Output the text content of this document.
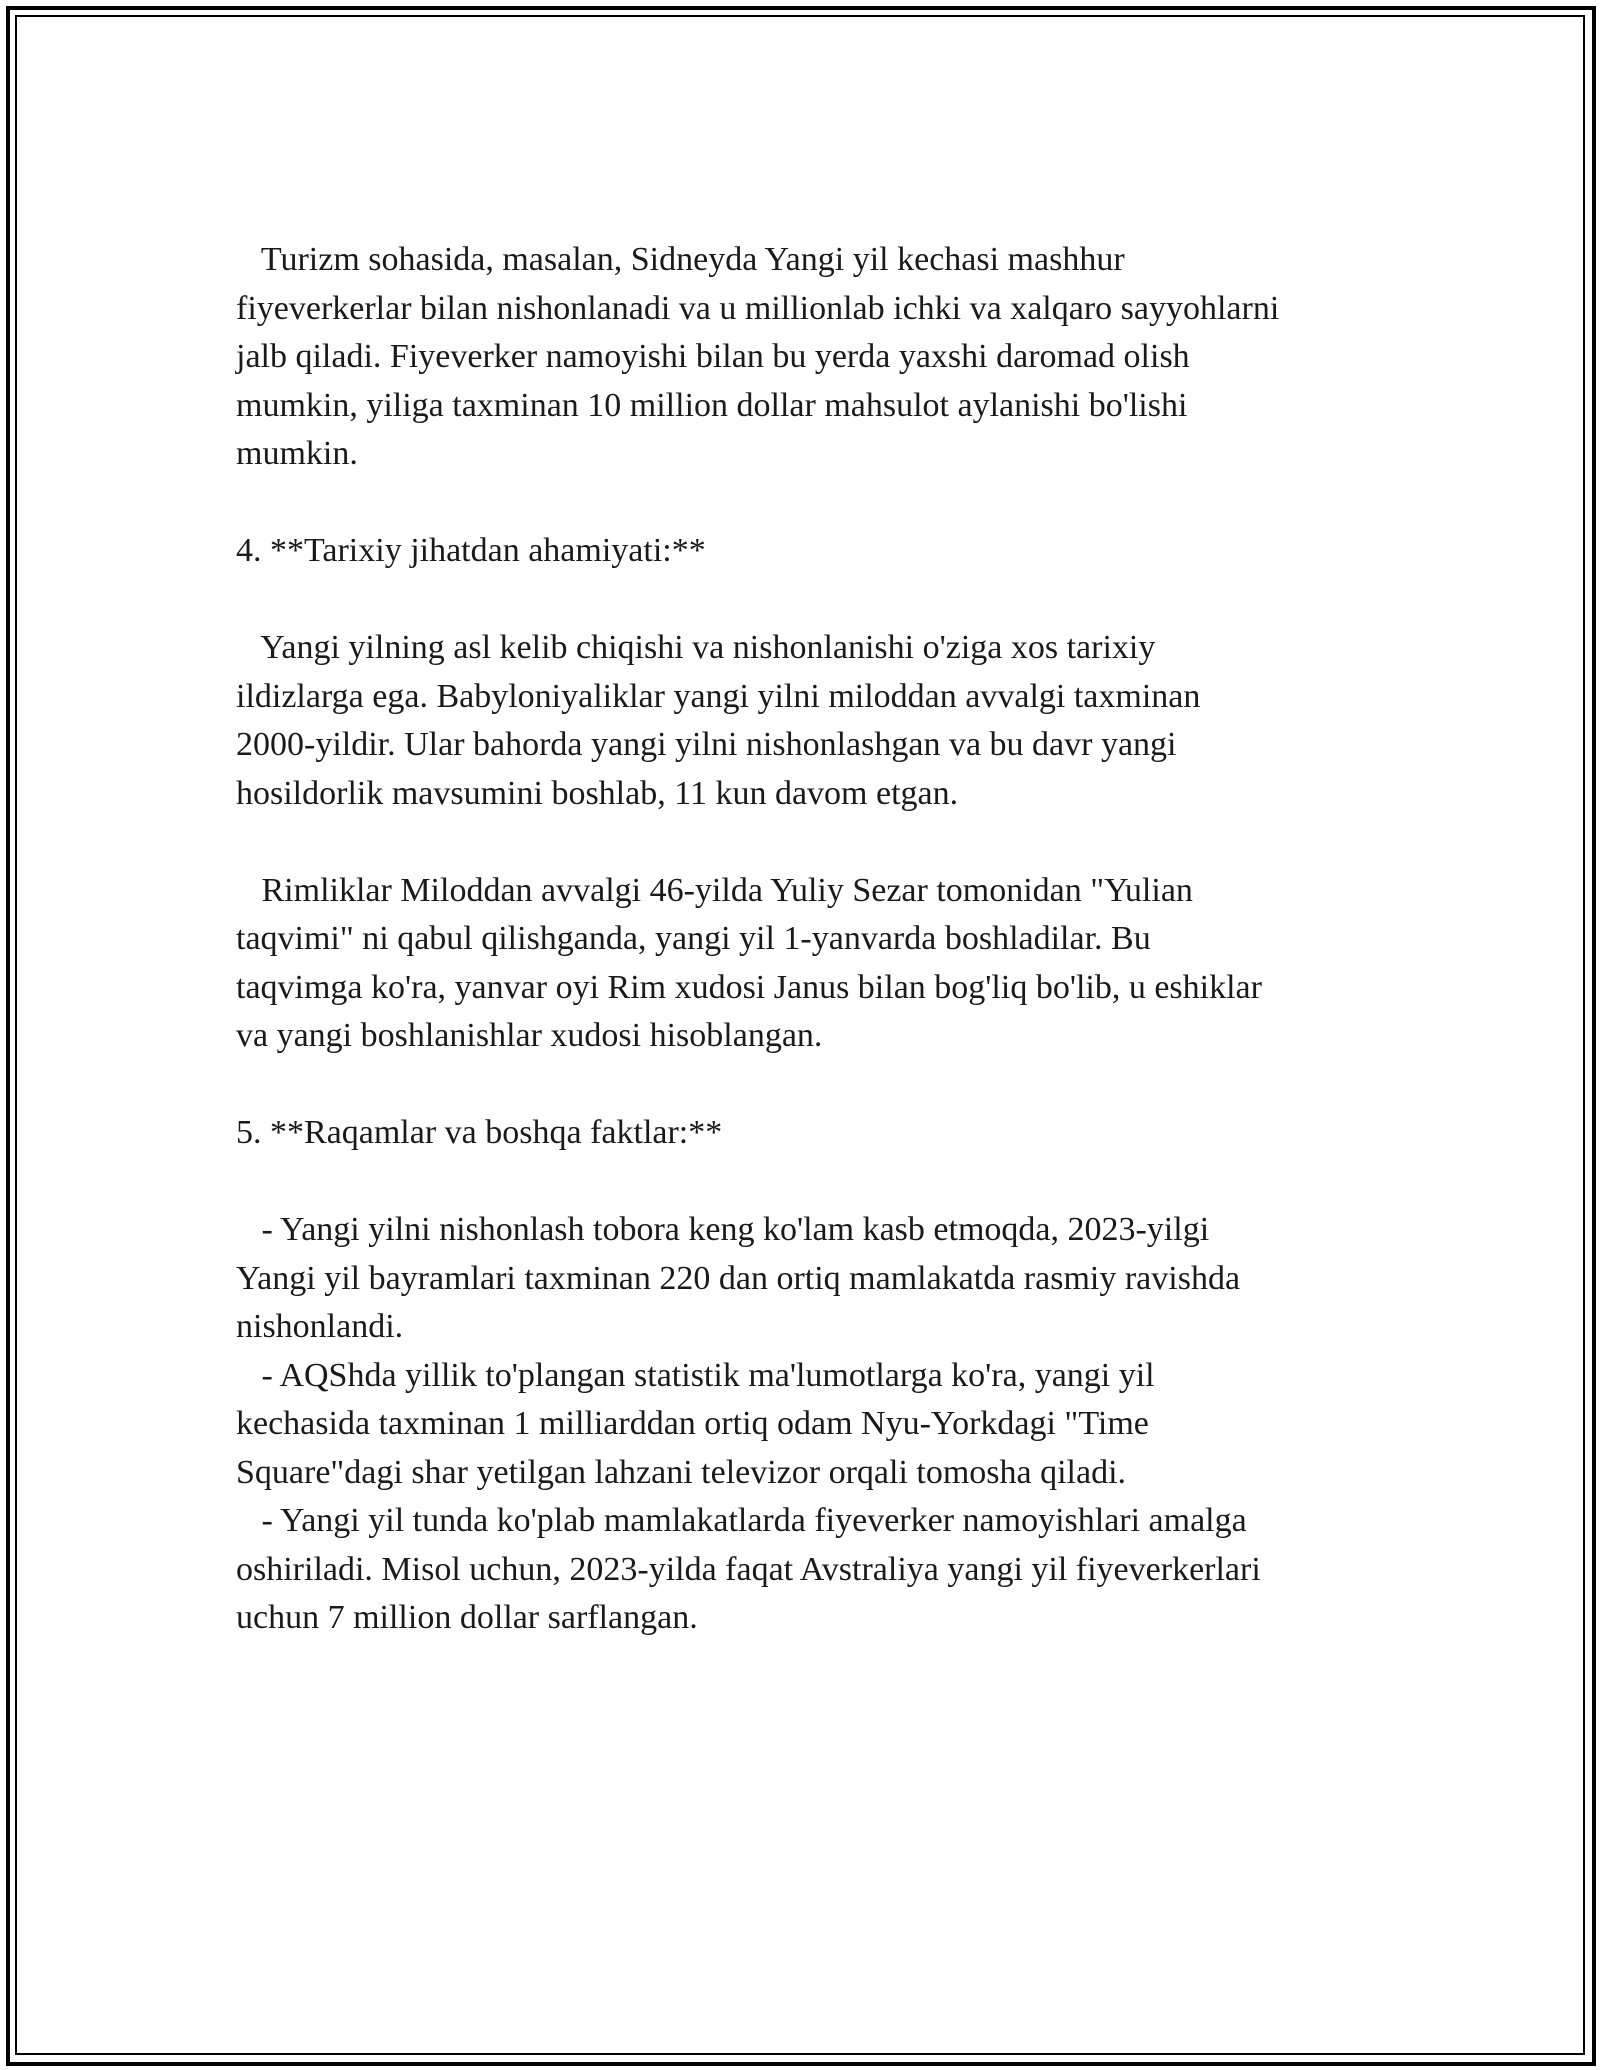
Turizm sohasida, masalan, Sidneyda Yangi yil kechasi mashhur

fiyeverkerlar bilan nishonlanadi va u millionlab ichki va xalqaro sayyohlarni

jalb qiladi. Fiyeverker namoyishi bilan bu yerda yaxshi daromad olish

mumkin, yiliga taxminan 10 million dollar mahsulot aylanishi bo'lishi

mumkin.

4. **Tarixiy jihatdan ahamiyati:**

Yangi yilning asl kelib chiqishi va nishonlanishi o'ziga xos tarixiy

ildizlarga ega. Babyloniyaliklar yangi yilni miloddan avvalgi taxminan

2000-yildir. Ular bahorda yangi yilni nishonlashgan va bu davr yangi

hosildorlik mavsumini boshlab, 11 kun davom etgan.

Rimliklar Miloddan avvalgi 46-yilda Yuliy Sezar tomonidan "Yulian

taqvimi" ni qabul qilishganda, yangi yil 1-yanvarda boshladilar. Bu

taqvimga ko'ra, yanvar oyi Rim xudosi Janus bilan bog'liq bo'lib, u eshiklar

va yangi boshlanishlar xudosi hisoblangan.

5. **Raqamlar va boshqa faktlar:**

- Yangi yilni nishonlash tobora keng ko'lam kasb etmoqda, 2023-yilgi

Yangi yil bayramlari taxminan 220 dan ortiq mamlakatda rasmiy ravishda

nishonlandi.

- AQShda yillik to'plangan statistik ma'lumotlarga ko'ra, yangi yil

kechasida taxminan 1 milliarddan ortiq odam Nyu-Yorkdagi "Time

Square"dagi shar yetilgan lahzani televizor orqali tomosha qiladi.

- Yangi yil tunda ko'plab mamlakatlarda fiyeverker namoyishlari amalga

oshiriladi. Misol uchun, 2023-yilda faqat Avstraliya yangi yil fiyeverkerlari

uchun 7 million dollar sarflangan.
